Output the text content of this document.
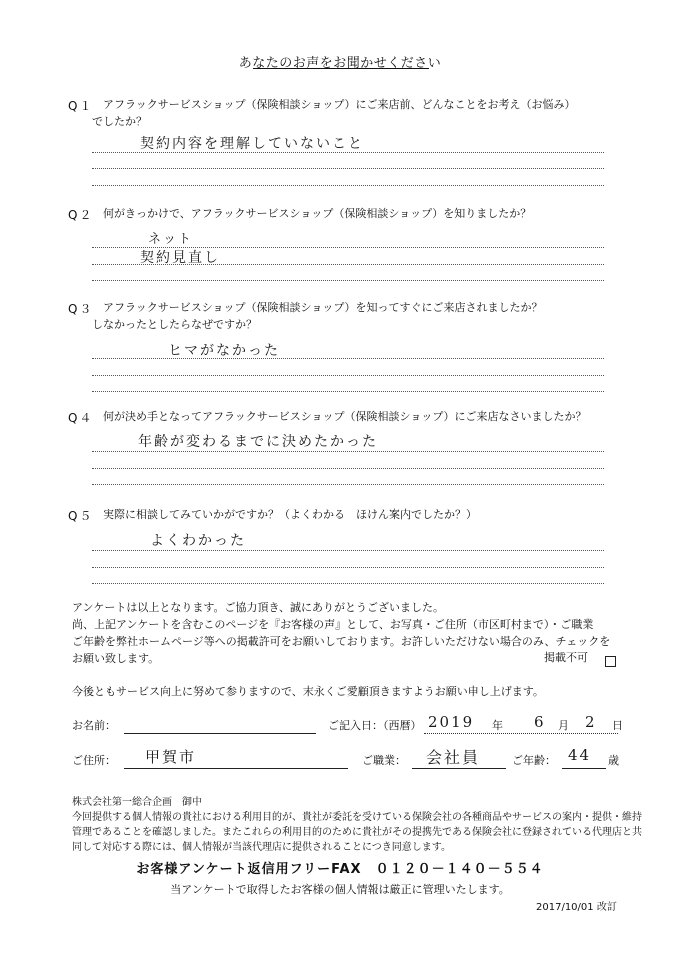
あなたのお声をお聞かせください
Q１ アフラックサービスショップ（保険相談ショップ）にご来店前、どんなことをお考え（お悩み）
でしたか？
契約内容を理解していないこと
Q２ 何がきっかけで、アフラックサービスショップ（保険相談ショップ）を知りましたか？
ネット
契約見直し
Q３ アフラックサービスショップ（保険相談ショップ）を知ってすぐにご来店されましたか？
しなかったとしたらなぜですか？
ヒマがなかった
Q４ 何が決め手となってアフラックサービスショップ（保険相談ショップ）にご来店なさいましたか？
年齢が変わるまでに決めたかった
Q５ 実際に相談してみていかがですか？（よくわかる　ほけん案内でしたか？）
よくわかった
アンケートは以上となります。ご協力頂き、誠にありがとうございました。
尚、上記アンケートを含むこのページを『お客様の声』として、お写真・ご住所（市区町村まで）・ご職業
ご年齢を弊社ホームページ等への掲載許可をお願いしております。お許しいただけない場合のみ、チェックを
お願い致します。	掲載不可
今後ともサービス向上に努めて参りますので、末永くご愛顧頂きますようお願い申し上げます。
お名前：	ご記入日：（西暦） 2019 年 6 月 2 日
ご住所： 甲賀市	ご職業： 会社員	ご年齢： 44 歳
株式会社第一総合企画　御中
今回提供する個人情報の貴社における利用目的が、貴社が委託を受けている保険会社の各種商品やサービスの案内・提供・維持
管理であることを確認しました。またこれらの利用目的のために貴社がその提携先である保険会社に登録されている代理店と共
同して対応する際には、個人情報が当該代理店に提供されることにつき同意します。
お客様アンケート返信用フリーFAX　０１２０－１４０－５５４
当アンケートで取得したお客様の個人情報は厳正に管理いたします。
2017/10/01 改訂
